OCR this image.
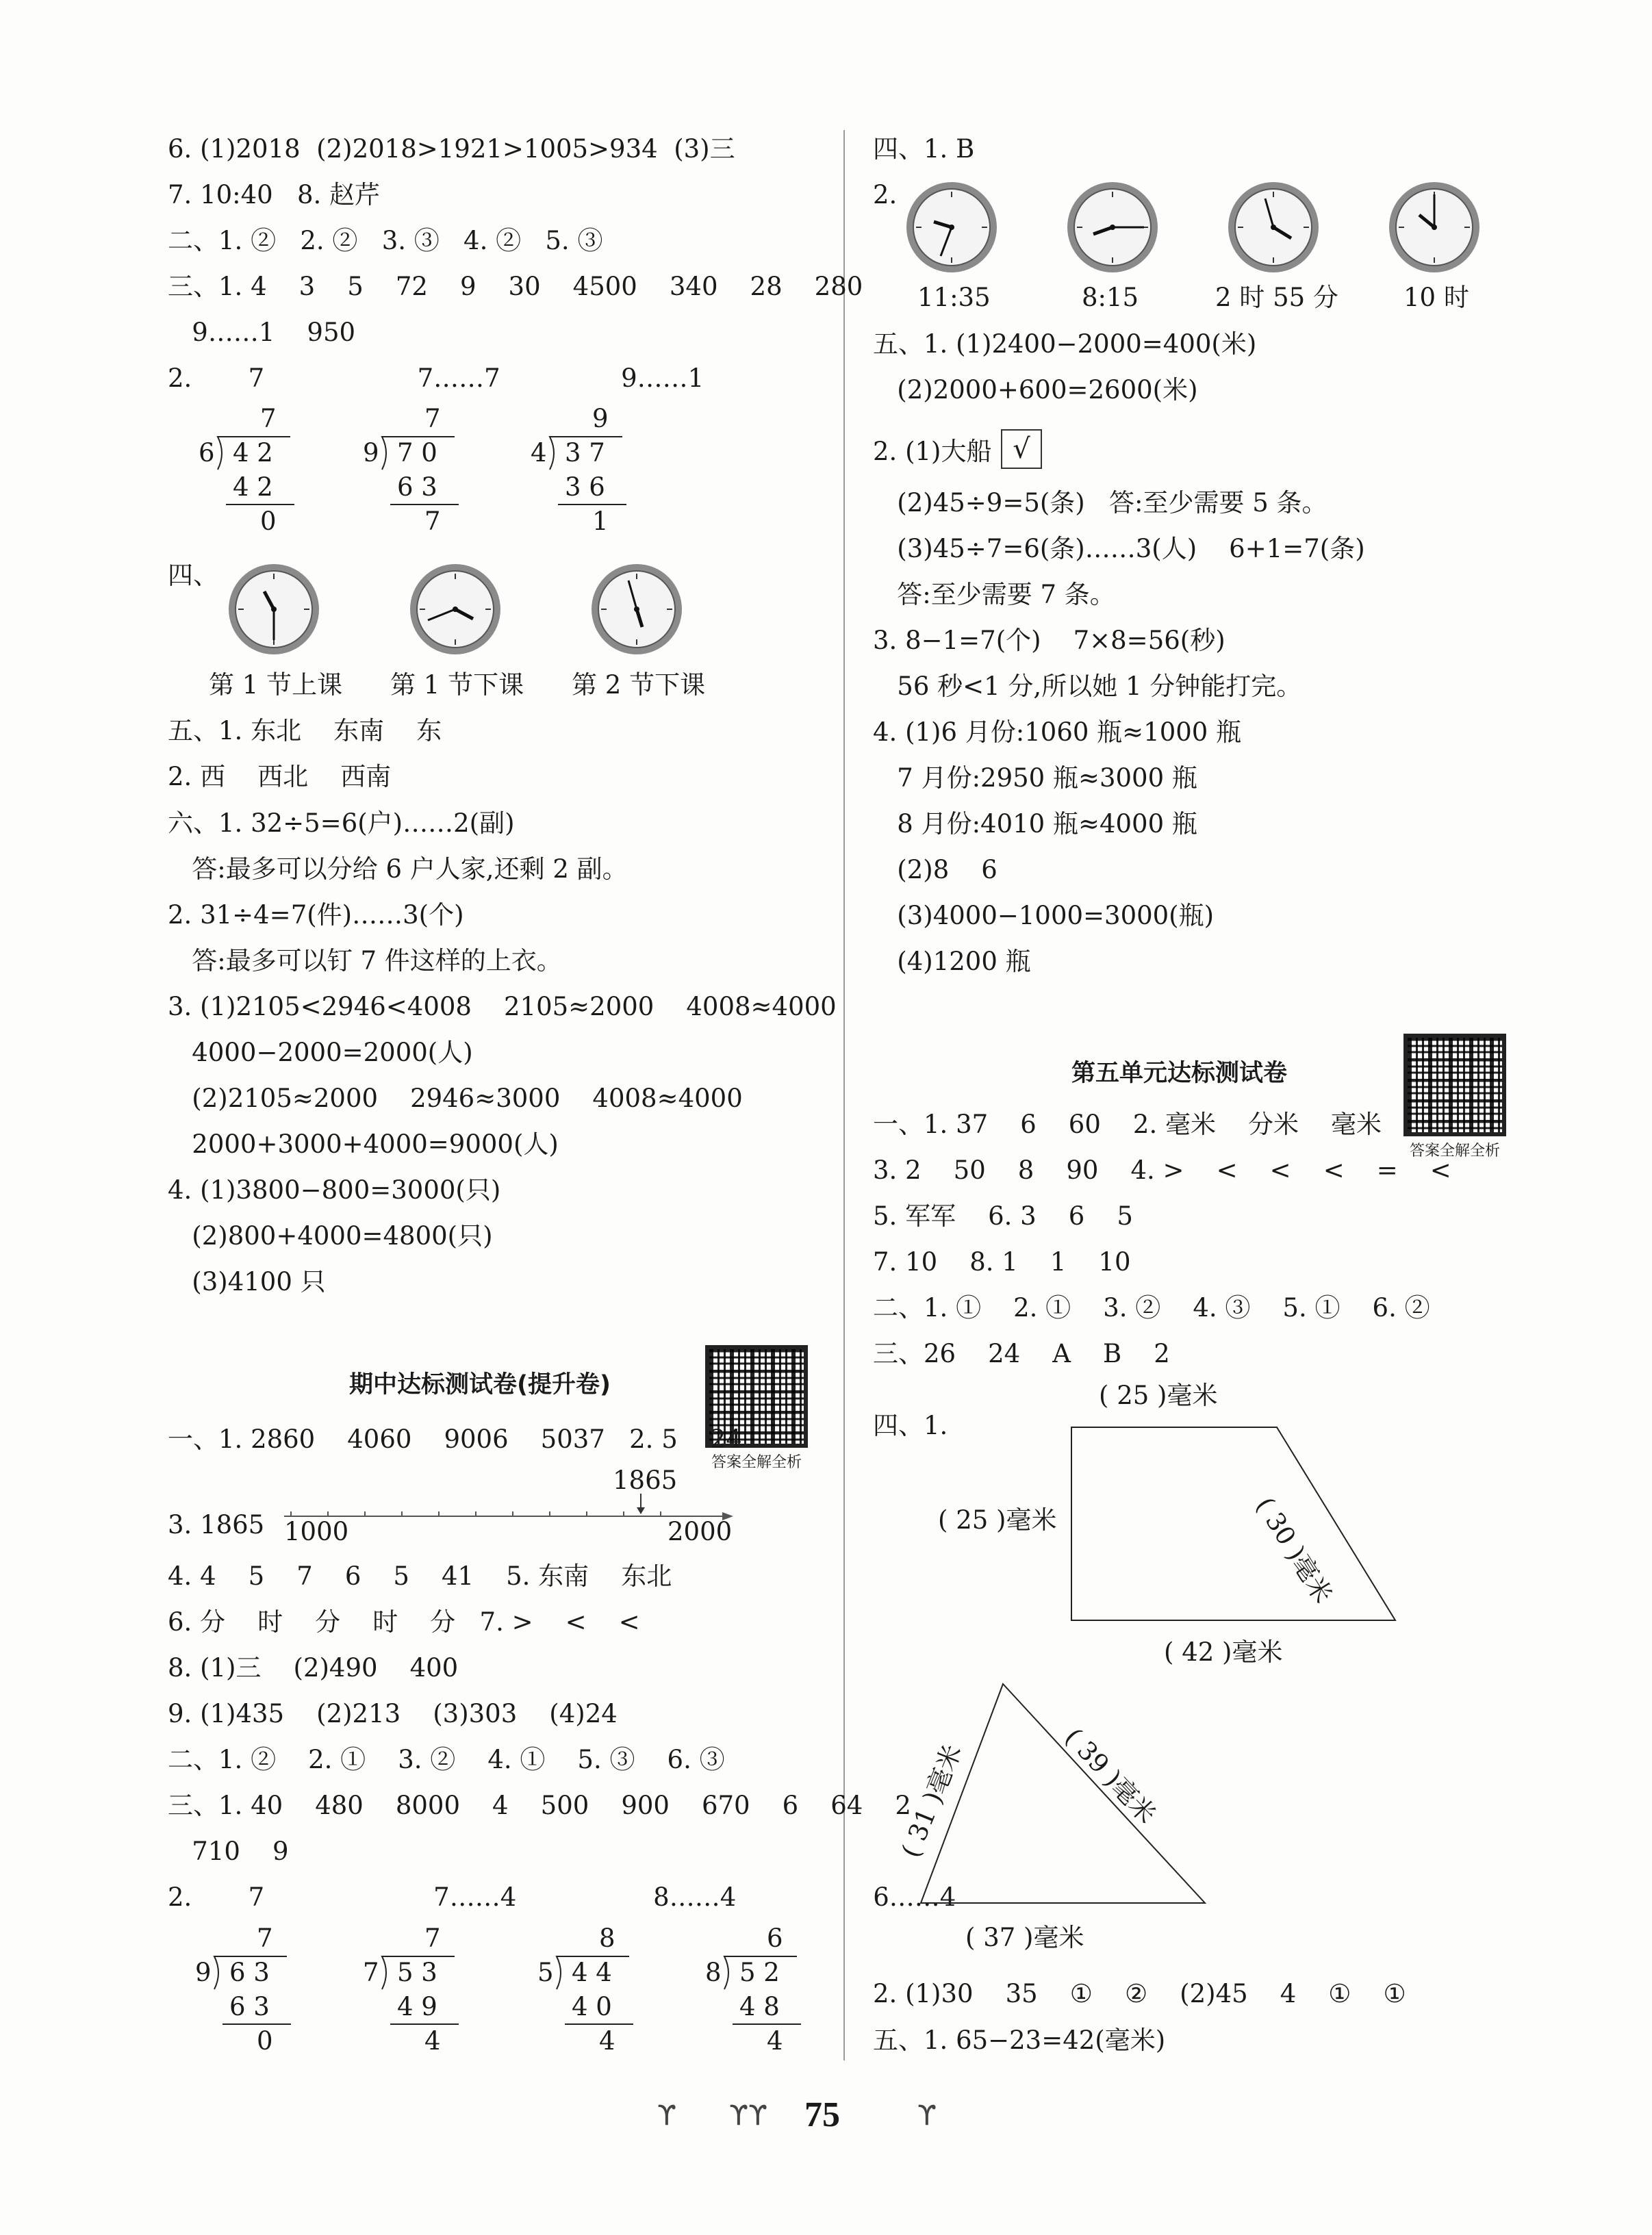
6. (1)2018  (2)2018>1921>1005>934  (3)三
7. 10:40   8. 赵芹
二、1. ②   2. ②   3. ③   4. ②   5. ③
三、1. 4    3    5    72    9    30    4500    340    28    280
9……1    950
2.       7                   7……7               9……1
7
6 4 2
4 2
0
7
9 7 0
6 3
7
9
4 3 7
3 6
1
四、
第 1 节上课 第 1 节下课 第 2 节下课
五、1. 东北    东南    东
2. 西    西北    西南
六、1. 32÷5=6(户)……2(副)
答:最多可以分给 6 户人家,还剩 2 副。
2. 31÷4=7(件)……3(个)
答:最多可以钉 7 件这样的上衣。
3. (1)2105<2946<4008    2105≈2000    4008≈4000
4000−2000=2000(人)
(2)2105≈2000    2946≈3000    4008≈4000
2000+3000+4000=9000(人)
4. (1)3800−800=3000(只)
(2)800+4000=4800(只)
(3)4100 只
期中达标测试卷(提升卷)
答案全解全析
一、1. 2860    4060    9006    5037   2. 5    24
3. 1865
1865
1000	2000
4. 4    5    7    6    5    41    5. 东南    东北
6. 分    时    分    时    分   7. >    <    <
8. (1)三    (2)490    400
9. (1)435    (2)213    (3)303    (4)24
二、1. ②    2. ①    3. ②    4. ①    5. ③    6. ③
三、1. 40    480    8000    4    500    900    670    6    64    2
710    9
2.       7                     7……4                 8……4                 6……4
7
9 6 3
6 3
0
7
7 5 3
4 9
4
8
5 4 4
4 0
4
6
8 5 2
4 8
4
四、1. B
2.
11:35	8:15	2 时 55 分	10 时
五、1. (1)2400−2000=400(米)
(2)2000+600=2600(米)
2. (1)大船 √
(2)45÷9=5(条)   答:至少需要 5 条。
(3)45÷7=6(条)……3(人)    6+1=7(条)
答:至少需要 7 条。
3. 8−1=7(个)    7×8=56(秒)
56 秒<1 分,所以她 1 分钟能打完。
4. (1)6 月份:1060 瓶≈1000 瓶
7 月份:2950 瓶≈3000 瓶
8 月份:4010 瓶≈4000 瓶
(2)8    6
(3)4000−1000=3000(瓶)
(4)1200 瓶
第五单元达标测试卷
答案全解全析
一、1. 37    6    60    2. 毫米    分米    毫米
3. 2    50    8    90    4. >    <    <    <    =    <
5. 军军    6. 3    6    5
7. 10    8. 1    1    10
二、1. ①    2. ①    3. ②    4. ③    5. ①    6. ②
三、26    24    A    B    2
四、1.
( 25 )毫米
( 25 )毫米	( 30 )毫米
( 42 )毫米
( 31 )毫米	( 39 )毫米
( 37 )毫米
2. (1)30    35    ①    ②    (2)45    4    ①    ①
五、1. 65−23=42(毫米)
ϒ ϒϒ 75	ϒ
